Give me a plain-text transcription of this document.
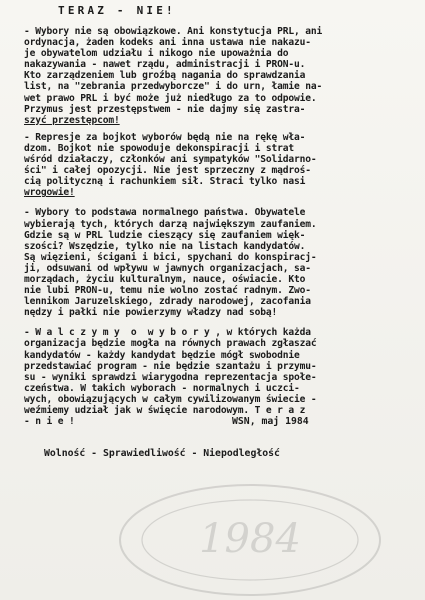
TERAZ - NIE!
- Wybory nie są obowiązkowe. Ani konstytucja PRL, ani
ordynacja, żaden kodeks ani inna ustawa nie nakazu-
je obywatelom udziału i nikogo nie upoważnia do
nakazywania - nawet rządu, administracji i PRON-u.
Kto zarządzeniem lub groźbą nagania do sprawdzania
list, na "zebrania przedwyborcze" i do urn, łamie na-
wet prawo PRL i być może już niedługo za to odpowie.
Przymus jest przestępstwem - nie dajmy się zastra-
szyć przestępcom!
- Represje za bojkot wyborów będą nie na rękę wła-
dzom. Bojkot nie spowoduje dekonspiracji i strat
wśród działaczy, członków ani sympatyków "Solidarno-
ści" i całej opozycji. Nie jest sprzeczny z mądroś-
cią polityczną i rachunkiem sił. Straci tylko nasi
wrogowie!
- Wybory to podstawa normalnego państwa. Obywatele
wybierają tych, których darzą największym zaufaniem.
Gdzie są w PRL ludzie cieszący się zaufaniem więk-
szości? Wszędzie, tylko nie na listach kandydatów.
Są więzieni, ścigani i bici, spychani do konspiracj-
ji, odsuwani od wpływu w jawnych organizacjach, sa-
morządach, życiu kulturalnym, nauce, oświacie. Kto
nie lubi PRON-u, temu nie wolno zostać radnym. Zwo-
lennikom Jaruzelskiego, zdrady narodowej, zacofania
nędzy i pałki nie powierzymy władzy nad sobą!
- W a l c z y m y  o  w y b o r y , w których każda
organizacja będzie mogła na równych prawach zgłaszać
kandydatów - każdy kandydat będzie mógł swobodnie
przedstawiać program - nie będzie szantażu i przymu-
su - wyniki sprawdzi wiarygodna reprezentacja społe-
czeństwa. W takich wyborach - normalnych i uczci-
wych, obowiązujących w całym cywilizowanym świecie -
weźmiemy udział jak w święcie narodowym. T e r a z
- n i e !	WSN, maj 1984
Wolność - Sprawiedliwość - Niepodległość
1984
